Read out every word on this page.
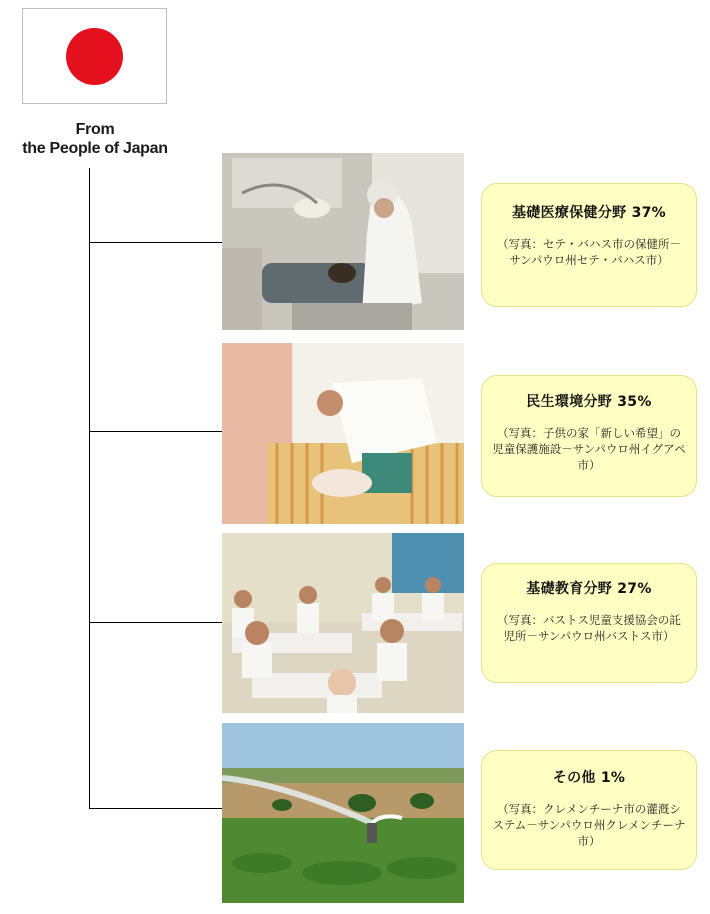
From
the People of Japan
基礎医療保健分野 37%
（写真：セテ・バハス市の保健所－サンパウロ州セテ・バハス市）
民生環境分野 35%
（写真：子供の家「新しい希望」の児童保護施設－サンパウロ州イグアペ市）
基礎教育分野 27%
（写真：バストス児童支援協会の託児所－サンパウロ州バストス市）
その他 1%
（写真：クレメンチーナ市の灌漑システム－サンパウロ州クレメンチーナ市）
